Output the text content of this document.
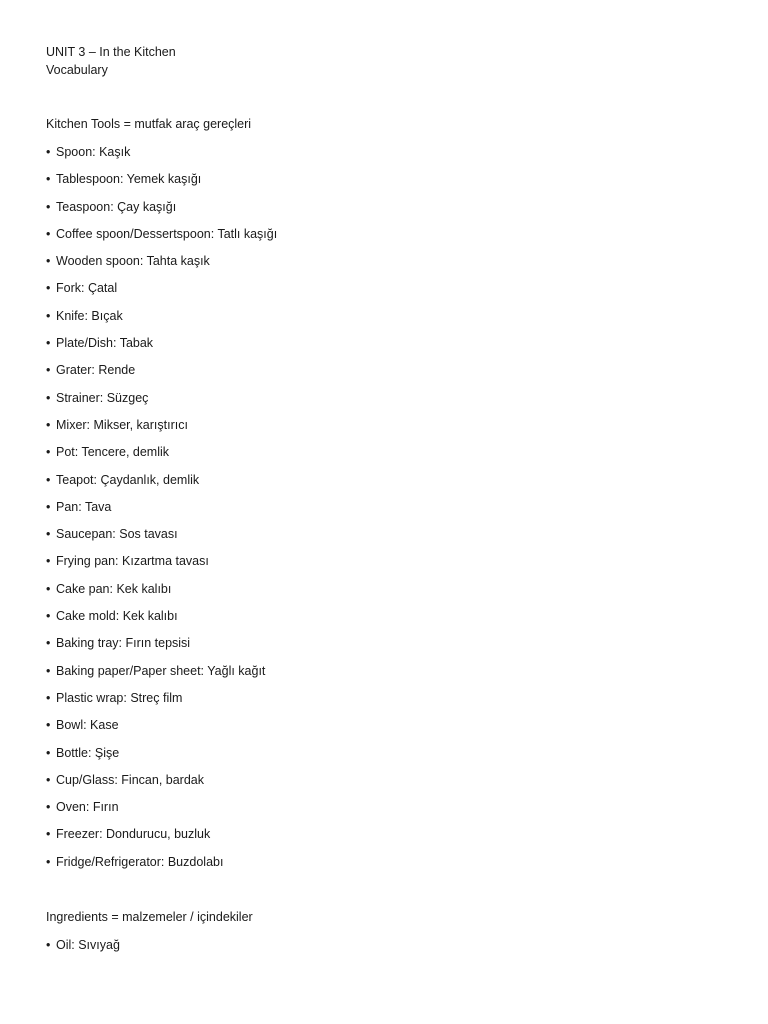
UNIT 3 – In the Kitchen
Vocabulary
Kitchen Tools = mutfak araç gereçleri
• Spoon: Kaşık
• Tablespoon: Yemek kaşığı
• Teaspoon: Çay kaşığı
• Coffee spoon/Dessertspoon: Tatlı kaşığı
• Wooden spoon: Tahta kaşık
• Fork: Çatal
• Knife: Bıçak
• Plate/Dish: Tabak
• Grater: Rende
• Strainer: Süzgeç
• Mixer: Mikser, karıştırıcı
• Pot: Tencere, demlik
• Teapot: Çaydanlık, demlik
• Pan: Tava
• Saucepan: Sos tavası
• Frying pan: Kızartma tavası
• Cake pan: Kek kalıbı
• Cake mold: Kek kalıbı
• Baking tray: Fırın tepsisi
• Baking paper/Paper sheet: Yağlı kağıt
• Plastic wrap: Streç film
• Bowl: Kase
• Bottle: Şişe
• Cup/Glass: Fincan, bardak
• Oven: Fırın
• Freezer: Dondurucu, buzluk
• Fridge/Refrigerator: Buzdolabı
Ingredients = malzemeler / içindekiler
• Oil: Sıvıyağ
